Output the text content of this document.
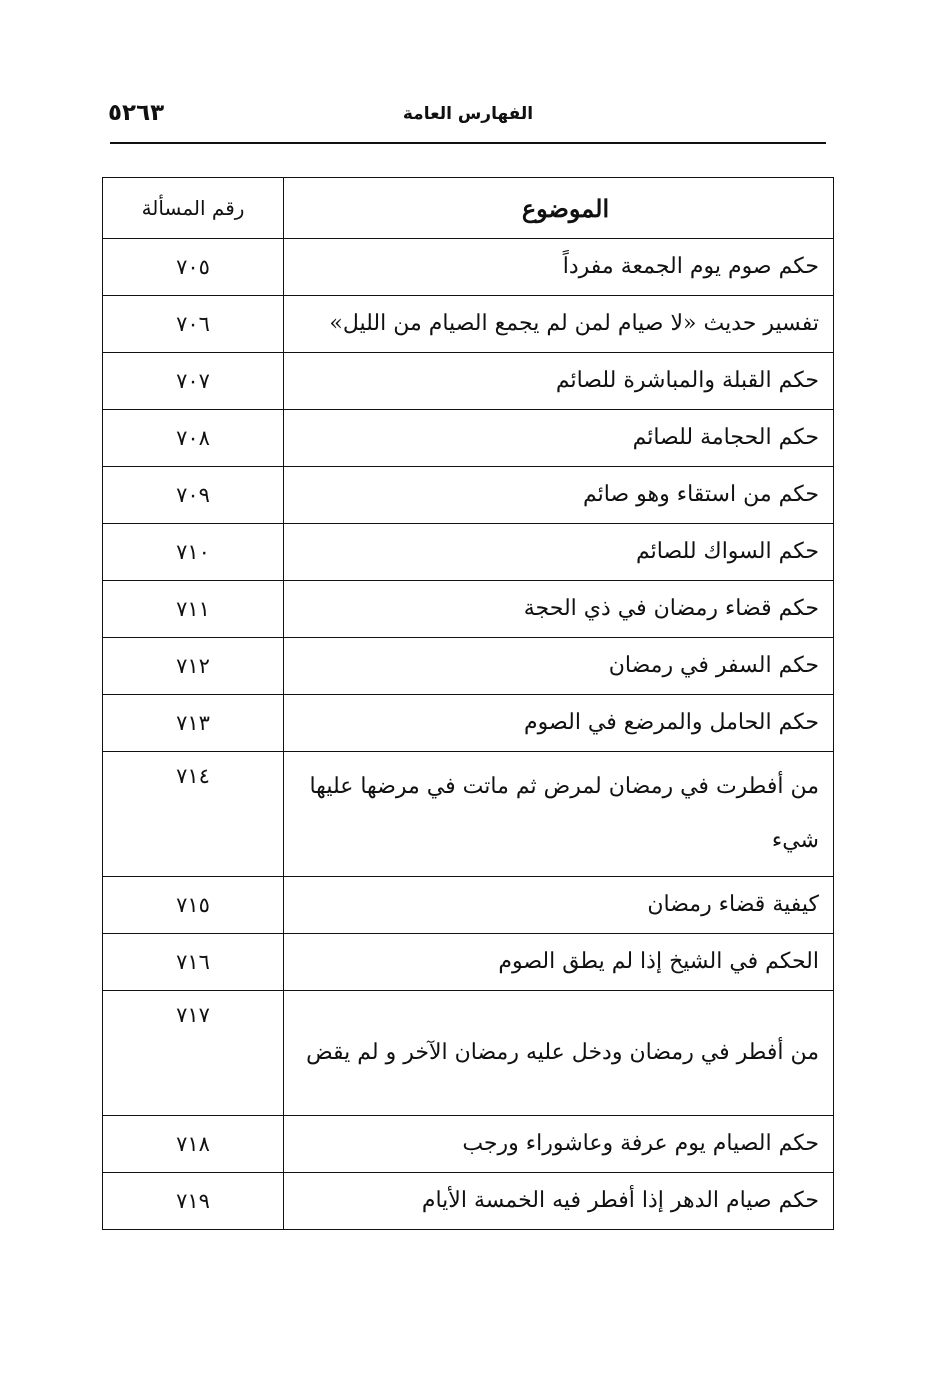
الفهارس العامة
٥٢٦٣
الموضوع	رقم المسألة
حكم صوم يوم الجمعة مفرداً	٧٠٥
تفسير حديث «لا صيام لمن لم يجمع الصيام من الليل»	٧٠٦
حكم القبلة والمباشرة للصائم	٧٠٧
حكم الحجامة للصائم	٧٠٨
حكم من استقاء وهو صائم	٧٠٩
حكم السواك للصائم	٧١٠
حكم قضاء رمضان في ذي الحجة	٧١١
حكم السفر في رمضان	٧١٢
حكم الحامل والمرضع في الصوم	٧١٣
من أفطرت في رمضان لمرض ثم ماتت في مرضها عليها شيء	٧١٤
كيفية قضاء رمضان	٧١٥
الحكم في الشيخ إذا لم يطق الصوم	٧١٦
من أفطر في رمضان ودخل عليه رمضان الآخر و لم يقض	٧١٧
حكم الصيام يوم عرفة وعاشوراء ورجب	٧١٨
حكم صيام الدهر إذا أفطر فيه الخمسة الأيام	٧١٩
